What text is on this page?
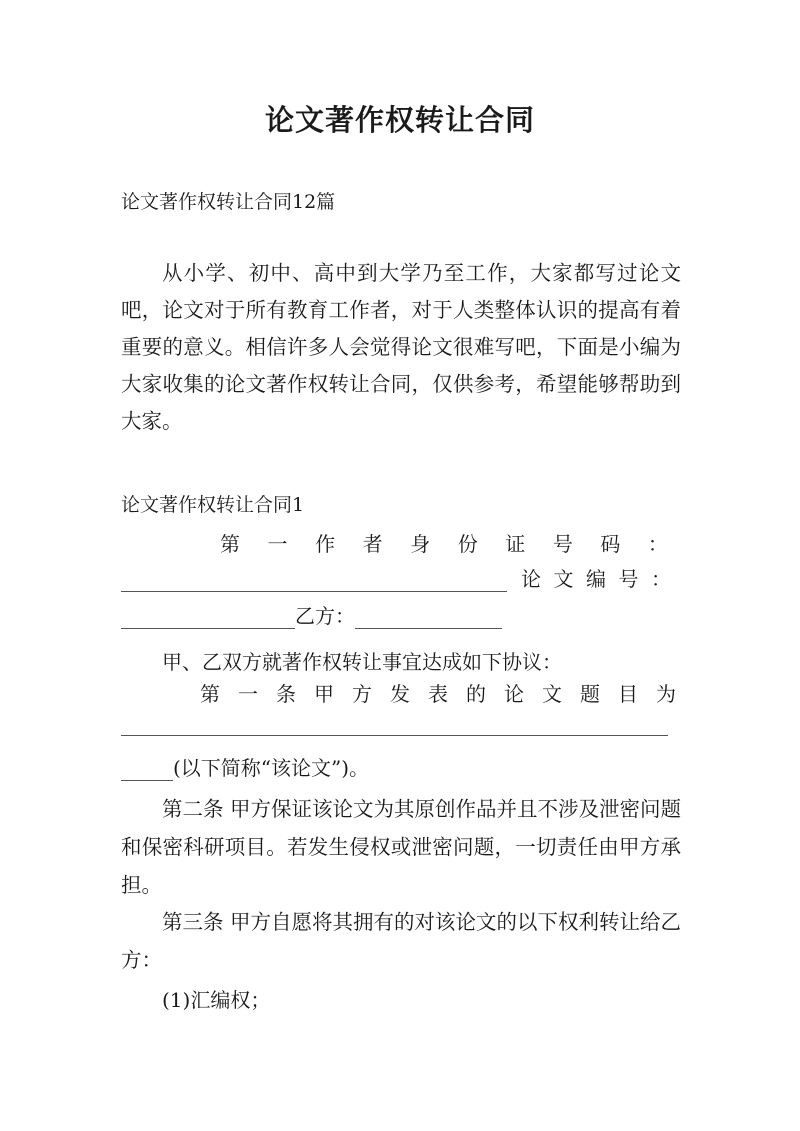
论文著作权转让合同
论文著作权转让合同12篇
从小学、初中、高中到大学乃至工作，大家都写过论文吧，论文对于所有教育工作者，对于人类整体认识的提高有着重要的意义。相信许多人会觉得论文很难写吧，下面是小编为大家收集的论文著作权转让合同，仅供参考，希望能够帮助到大家。
论文著作权转让合同1
第 一 作 者 身 份 证 号 码 ：
论 文 编 号 ：
乙方：
甲、乙双方就著作权转让事宜达成如下协议：
第 一 条 甲 方 发 表 的 论 文 题 目 为
(以下简称“该论文”)。
第二条 甲方保证该论文为其原创作品并且不涉及泄密问题和保密科研项目。若发生侵权或泄密问题，一切责任由甲方承担。
第三条 甲方自愿将其拥有的对该论文的以下权利转让给乙方：
(1)汇编权；
